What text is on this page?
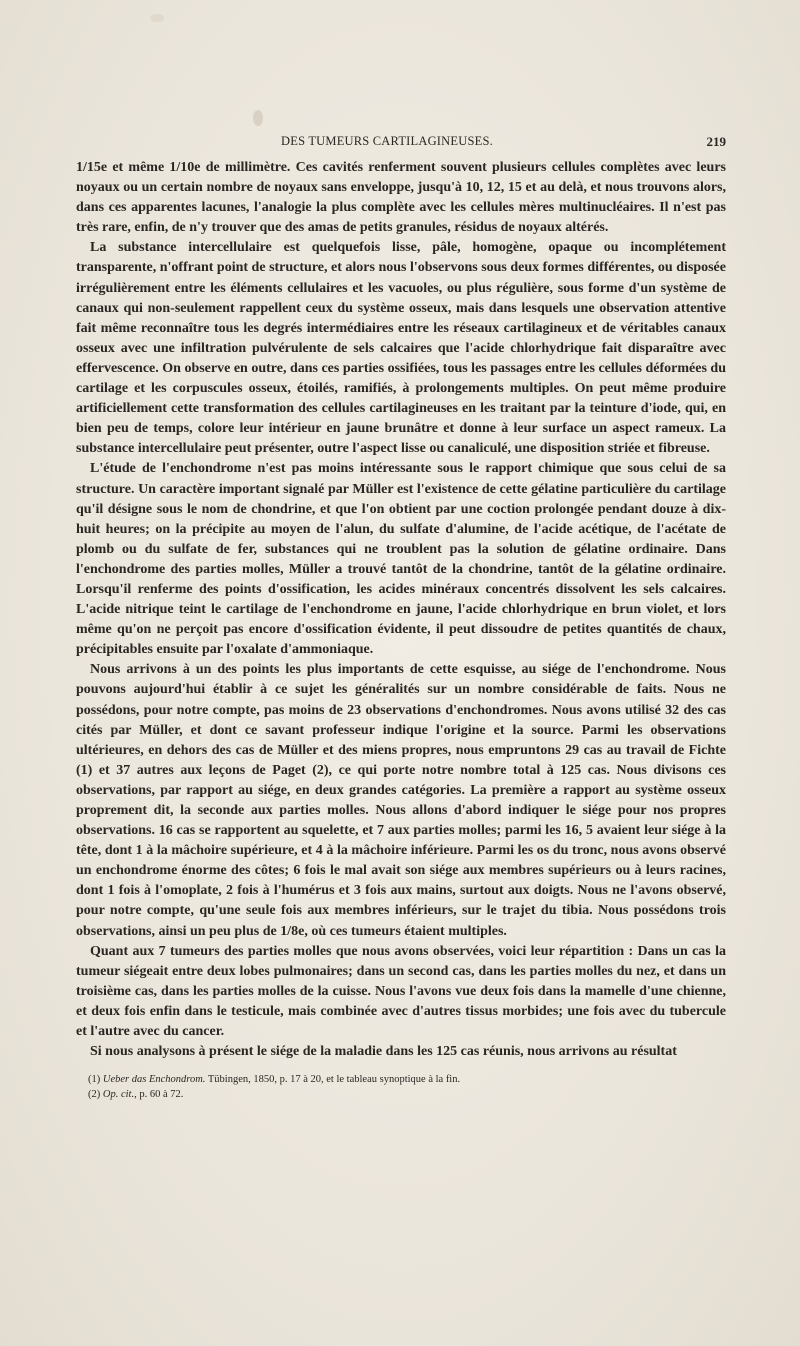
DES TUMEURS CARTILAGINEUSES.	219

1/15e et même 1/10e de millimètre. Ces cavités renferment souvent plusieurs cellules complètes avec leurs noyaux ou un certain nombre de noyaux sans enveloppe, jusqu'à 10, 12, 15 et au delà, et nous trouvons alors, dans ces apparentes lacunes, l'analogie la plus complète avec les cellules mères multinucléaires. Il n'est pas très rare, enfin, de n'y trouver que des amas de petits granules, résidus de noyaux altérés.

La substance intercellulaire est quelquefois lisse, pâle, homogène, opaque ou incomplétement transparente, n'offrant point de structure, et alors nous l'observons sous deux formes différentes, ou disposée irrégulièrement entre les éléments cellulaires et les vacuoles, ou plus régulière, sous forme d'un système de canaux qui non-seulement rappellent ceux du système osseux, mais dans lesquels une observation attentive fait même reconnaître tous les degrés intermédiaires entre les réseaux cartilagineux et de véritables canaux osseux avec une infiltration pulvérulente de sels calcaires que l'acide chlorhydrique fait disparaître avec effervescence. On observe en outre, dans ces parties ossifiées, tous les passages entre les cellules déformées du cartilage et les corpuscules osseux, étoilés, ramifiés, à prolongements multiples. On peut même produire artificiellement cette transformation des cellules cartilagineuses en les traitant par la teinture d'iode, qui, en bien peu de temps, colore leur intérieur en jaune brunâtre et donne à leur surface un aspect rameux. La substance intercellulaire peut présenter, outre l'aspect lisse ou canaliculé, une disposition striée et fibreuse.

L'étude de l'enchondrome n'est pas moins intéressante sous le rapport chimique que sous celui de sa structure. Un caractère important signalé par Müller est l'existence de cette gélatine particulière du cartilage qu'il désigne sous le nom de chondrine, et que l'on obtient par une coction prolongée pendant douze à dix-huit heures; on la précipite au moyen de l'alun, du sulfate d'alumine, de l'acide acétique, de l'acétate de plomb ou du sulfate de fer, substances qui ne troublent pas la solution de gélatine ordinaire. Dans l'enchondrome des parties molles, Müller a trouvé tantôt de la chondrine, tantôt de la gélatine ordinaire. Lorsqu'il renferme des points d'ossification, les acides minéraux concentrés dissolvent les sels calcaires. L'acide nitrique teint le cartilage de l'enchondrome en jaune, l'acide chlorhydrique en brun violet, et lors même qu'on ne perçoit pas encore d'ossification évidente, il peut dissoudre de petites quantités de chaux, précipitables ensuite par l'oxalate d'ammoniaque.

Nous arrivons à un des points les plus importants de cette esquisse, au siége de l'enchondrome. Nous pouvons aujourd'hui établir à ce sujet les généralités sur un nombre considérable de faits. Nous ne possédons, pour notre compte, pas moins de 23 observations d'enchondromes. Nous avons utilisé 32 des cas cités par Müller, et dont ce savant professeur indique l'origine et la source. Parmi les observations ultérieures, en dehors des cas de Müller et des miens propres, nous empruntons 29 cas au travail de Fichte (1) et 37 autres aux leçons de Paget (2), ce qui porte notre nombre total à 125 cas. Nous divisons ces observations, par rapport au siége, en deux grandes catégories. La première a rapport au système osseux proprement dit, la seconde aux parties molles. Nous allons d'abord indiquer le siége pour nos propres observations. 16 cas se rapportent au squelette, et 7 aux parties molles; parmi les 16, 5 avaient leur siége à la tête, dont 1 à la mâchoire supérieure, et 4 à la mâchoire inférieure. Parmi les os du tronc, nous avons observé un enchondrome énorme des côtes; 6 fois le mal avait son siége aux membres supérieurs ou à leurs racines, dont 1 fois à l'omoplate, 2 fois à l'humérus et 3 fois aux mains, surtout aux doigts. Nous ne l'avons observé, pour notre compte, qu'une seule fois aux membres inférieurs, sur le trajet du tibia. Nous possédons trois observations, ainsi un peu plus de 1/8e, où ces tumeurs étaient multiples.

Quant aux 7 tumeurs des parties molles que nous avons observées, voici leur répartition : Dans un cas la tumeur siégeait entre deux lobes pulmonaires; dans un second cas, dans les parties molles du nez, et dans un troisième cas, dans les parties molles de la cuisse. Nous l'avons vue deux fois dans la mamelle d'une chienne, et deux fois enfin dans le testicule, mais combinée avec d'autres tissus morbides; une fois avec du tubercule et l'autre avec du cancer.

Si nous analysons à présent le siége de la maladie dans les 125 cas réunis, nous arrivons au résultat

(1) Ueber das Enchondrom. Tübingen, 1850, p. 17 à 20, et le tableau synoptique à la fin.

(2) Op. cit., p. 60 à 72.
